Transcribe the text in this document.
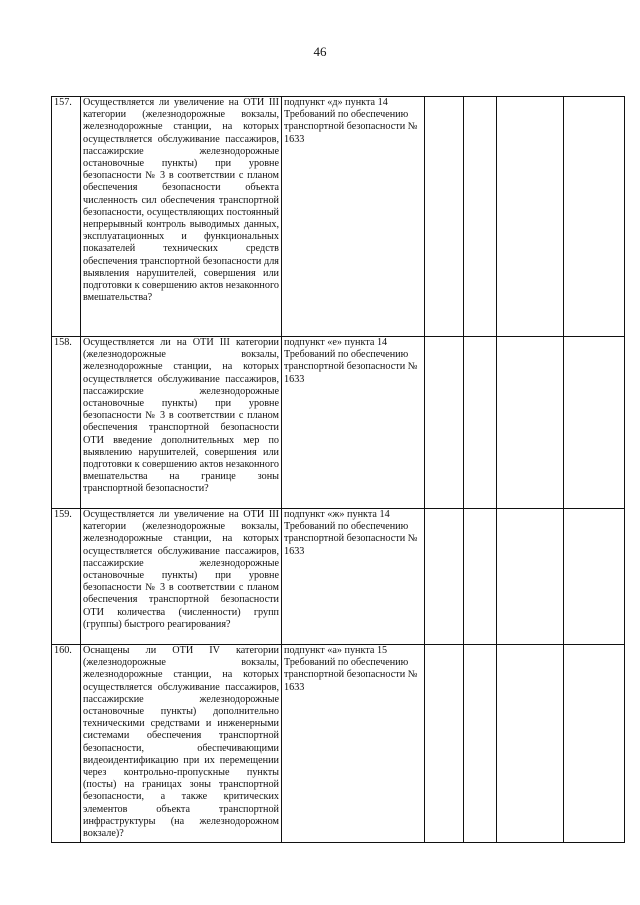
46
157.	Осуществляется ли увеличение на ОТИ III категории (железнодорожные вокзалы, железнодорожные станции, на которых осуществляется обслуживание пассажиров, пассажирские железнодорожные остановочные пункты) при уровне безопасности № 3 в соответствии с планом обеспечения безопасности объекта численность сил обеспечения транспортной безопасности, осуществляющих постоянный непрерывный контроль выводимых данных, эксплуатационных и функциональных показателей технических средств обеспечения транспортной безопасности для выявления нарушителей, совершения или подготовки к совершению актов незаконного вмешательства?	подпункт «д» пункта 14 Требований по обеспечению транспортной безопасности № 1633				
158.	Осуществляется ли на ОТИ III категории (железнодорожные вокзалы, железнодорожные станции, на которых осуществляется обслуживание пассажиров, пассажирские железнодорожные остановочные пункты) при уровне безопасности № 3 в соответствии с планом обеспечения транспортной безопасности ОТИ введение дополнительных мер по выявлению нарушителей, совершения или подготовки к совершению актов незаконного вмешательства на границе зоны транспортной безопасности?	подпункт «е» пункта 14 Требований по обеспечению транспортной безопасности № 1633				
159.	Осуществляется ли увеличение на ОТИ III категории (железнодорожные вокзалы, железнодорожные станции, на которых осуществляется обслуживание пассажиров, пассажирские железнодорожные остановочные пункты) при уровне безопасности № 3 в соответствии с планом обеспечения транспортной безопасности ОТИ количества (численности) групп (группы) быстрого реагирования?	подпункт «ж» пункта 14 Требований по обеспечению транспортной безопасности № 1633				
160.	Оснащены ли ОТИ IV категории (железнодорожные вокзалы, железнодорожные станции, на которых осуществляется обслуживание пассажиров, пассажирские железнодорожные остановочные пункты) дополнительно техническими средствами и инженерными системами обеспечения транспортной безопасности, обеспечивающими видеоидентификацию при их перемещении через контрольно-пропускные пункты (посты) на границах зоны транспортной безопасности, а также критических элементов объекта транспортной инфраструктуры (на железнодорожном вокзале)?	подпункт «а» пункта 15 Требований по обеспечению транспортной безопасности № 1633				
